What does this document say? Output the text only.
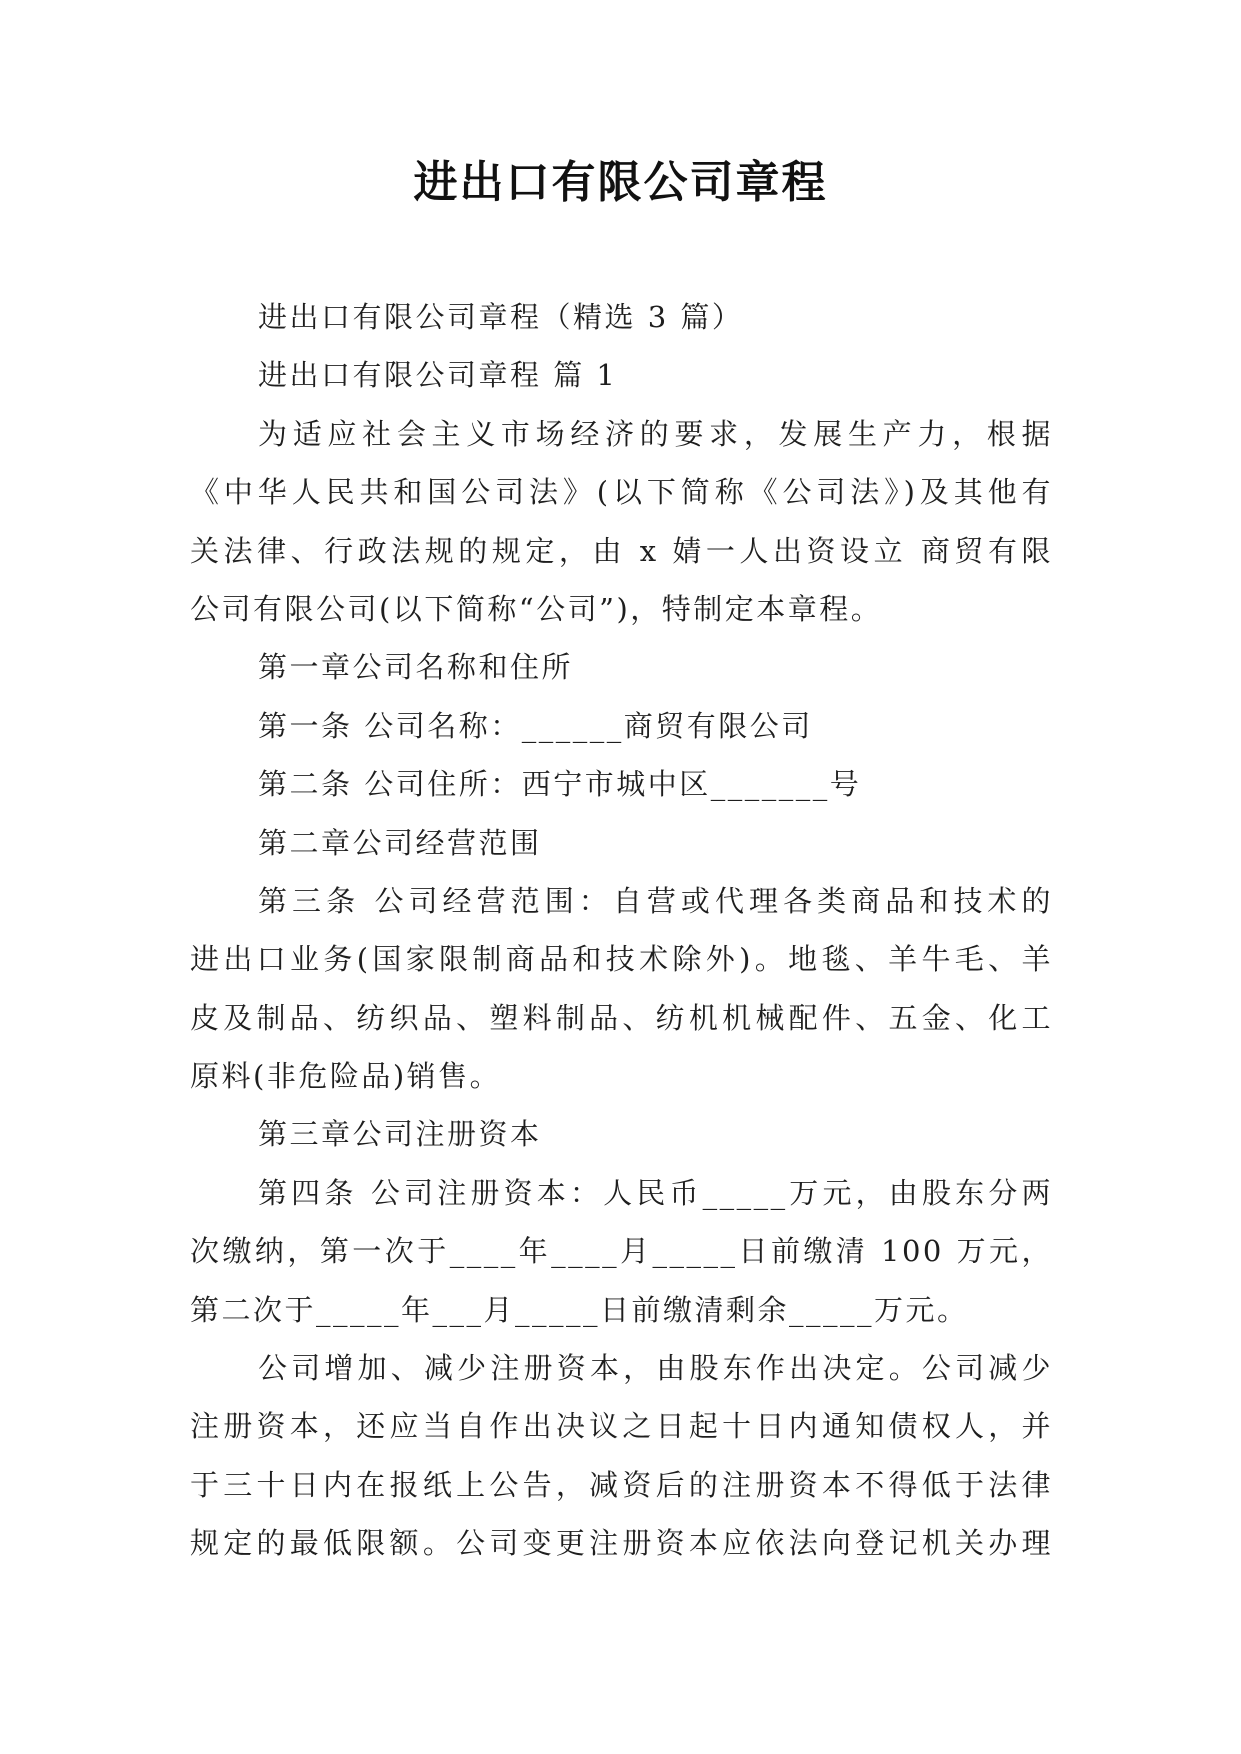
进出口有限公司章程
进出口有限公司章程（精选 3 篇）
进出口有限公司章程 篇 1
为适应社会主义市场经济的要求，发展生产力，根据
《中华人民共和国公司法》(以下简称《公司法》)及其他有
关法律、行政法规的规定，由 x 婧一人出资设立 商贸有限
公司有限公司(以下简称“公司”)，特制定本章程。
第一章公司名称和住所
第一条 公司名称：______商贸有限公司
第二条 公司住所：西宁市城中区_______号
第二章公司经营范围
第三条 公司经营范围：自营或代理各类商品和技术的
进出口业务(国家限制商品和技术除外)。地毯、羊牛毛、羊
皮及制品、纺织品、塑料制品、纺机机械配件、五金、化工
原料(非危险品)销售。
第三章公司注册资本
第四条 公司注册资本：人民币_____万元，由股东分两
次缴纳，第一次于____年____月_____日前缴清 100 万元，
第二次于_____年___月_____日前缴清剩余_____万元。
公司增加、减少注册资本，由股东作出决定。公司减少
注册资本，还应当自作出决议之日起十日内通知债权人，并
于三十日内在报纸上公告，减资后的注册资本不得低于法律
规定的最低限额。公司变更注册资本应依法向登记机关办理
